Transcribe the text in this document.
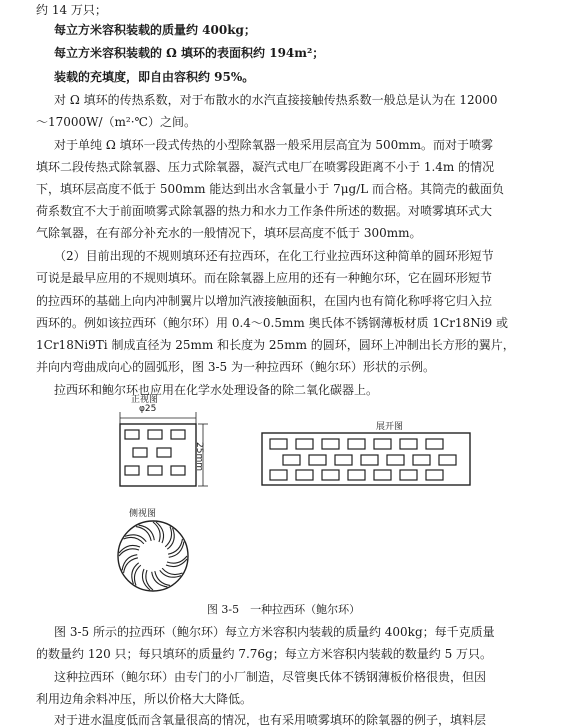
约 14 万只；
每立方米容积装载的质量约 400kg；
每立方米容积装载的 Ω 填环的表面积约 194m²；
装载的充填度，即自由容积约 95%。
对 Ω 填环的传热系数，对于布散水的水汽直接接触传热系数一般总是认为在 12000
～17000W/（m²·℃）之间。
对于单纯 Ω 填环一段式传热的小型除氧器一般采用层高宜为 500mm。而对于喷雾
填环二段传热式除氧器、压力式除氧器，凝汽式电厂在喷雾段距离不小于 1.4m 的情况
下，填环层高度不低于 500mm 能达到出水含氧量小于 7μg/L 而合格。其筒壳的截面负
荷系数宜不大于前面喷雾式除氧器的热力和水力工作条件所述的数据。对喷雾填环式大
气除氧器，在有部分补充水的一般情况下，填环层高度不低于 300mm。
（2）目前出现的不规则填环还有拉西环，在化工行业拉西环这种简单的圆环形短节
可说是最早应用的不规则填环。而在除氧器上应用的还有一种鲍尔环，它在圆环形短节
的拉西环的基础上向内冲制翼片以增加汽液接触面积，在国内也有简化称呼将它归入拉
西环的。例如该拉西环（鲍尔环）用 0.4～0.5mm 奥氏体不锈钢薄板材质 1Cr18Ni9 或
1Cr18Ni9Ti 制成直径为 25mm 和长度为 25mm 的圆环，圆环上冲制出长方形的翼片，
并向内弯曲成向心的圆弧形，图 3-5 为一种拉西环（鲍尔环）形状的示例。
拉西环和鲍尔环也应用在化学水处理设备的除二氧化碳器上。
正视图
φ25
25mm
展开图
侧视图
图 3-5　一种拉西环（鲍尔环）
图 3-5 所示的拉西环（鲍尔环）每立方米容积内装载的质量约 400kg；每千克质量
的数量约 120 只；每只填环的质量约 7.76g；每立方米容积内装载的数量约 5 万只。
这种拉西环（鲍尔环）由专门的小厂制造，尽管奥氏体不锈钢薄板价格很贵，但因
利用边角余料冲压，所以价格大大降低。
对于进水温度低而含氧量很高的情况，也有采用喷雾填环的除氧器的例子，填料层
